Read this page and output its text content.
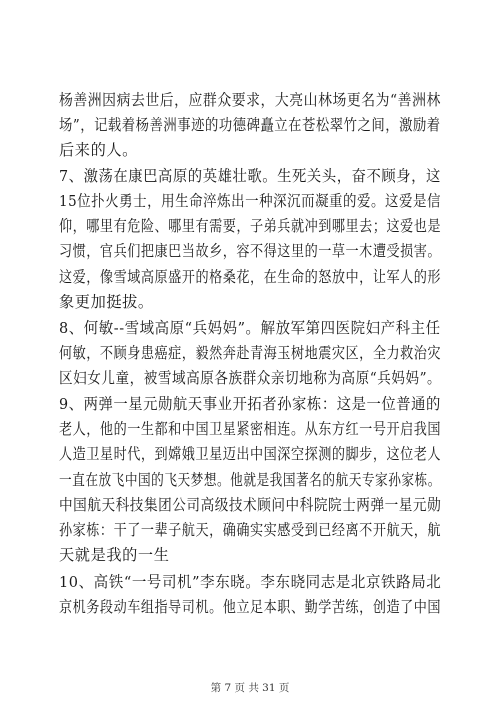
杨善洲因病去世后，应群众要求，大亮山林场更名为“善洲林
场”，记载着杨善洲事迹的功德碑矗立在苍松翠竹之间，激励着
后来的人。
7、激荡在康巴高原的英雄壮歌。生死关头，奋不顾身，这
15位扑火勇士，用生命淬炼出一种深沉而凝重的爱。这爱是信
仰，哪里有危险、哪里有需要，子弟兵就冲到哪里去；这爱也是
习惯，官兵们把康巴当故乡，容不得这里的一草一木遭受损害。
这爱，像雪域高原盛开的格桑花，在生命的怒放中，让军人的形
象更加挺拔。
8、何敏--雪域高原“兵妈妈”。解放军第四医院妇产科主任
何敏，不顾身患癌症，毅然奔赴青海玉树地震灾区，全力救治灾
区妇女儿童，被雪域高原各族群众亲切地称为高原“兵妈妈”。
9、两弹一星元勋航天事业开拓者孙家栋：这是一位普通的
老人，他的一生都和中国卫星紧密相连。从东方红一号开启我国
人造卫星时代，到嫦娥卫星迈出中国深空探测的脚步，这位老人
一直在放飞中国的飞天梦想。他就是我国著名的航天专家孙家栋。
中国航天科技集团公司高级技术顾问中科院院士两弹一星元勋
孙家栋：干了一辈子航天，确确实实感受到已经离不开航天，航
天就是我的一生
10、高铁“一号司机”李东晓。李东晓同志是北京铁路局北
京机务段动车组指导司机。他立足本职、勤学苦练，创造了中国
第 7 页 共 31 页
